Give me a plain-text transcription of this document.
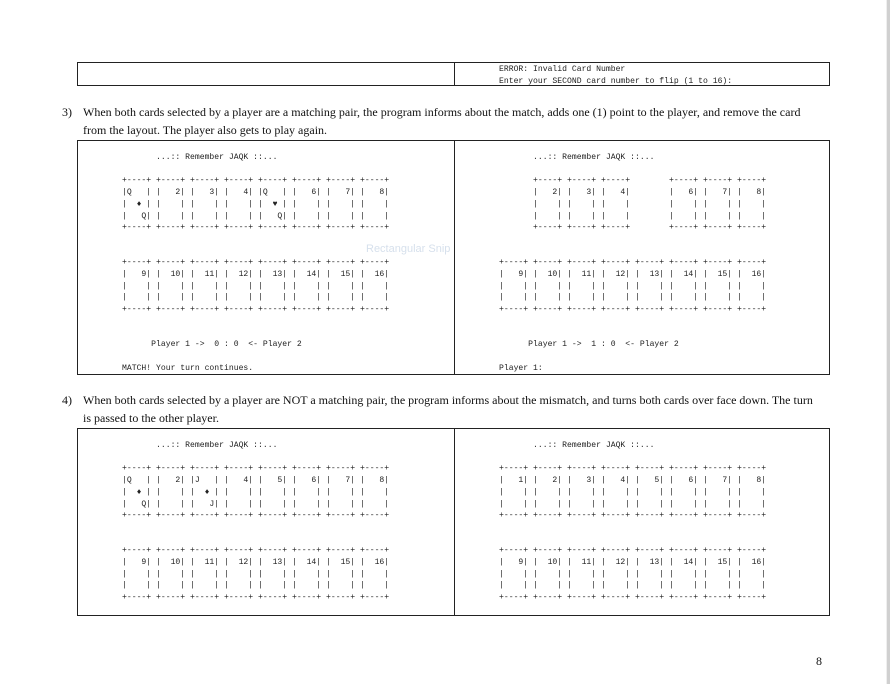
ERROR: Invalid Card Number
Enter your SECOND card number to flip (1 to 16):
3) When both cards selected by a player are a matching pair, the program informs about the match, adds one (1) point to the player, and remove the card from the layout. The player also gets to play again.
...:: Remember JAQK ::...

+----+ +----+ +----+ +----+ +----+ +----+ +----+ +----+
|Q   | |   2| |   3| |   4| |Q   | |   6| |   7| |   8|
|  ♦ | |    | |    | |    | |  ♥ | |    | |    | |    |
|   Q| |    | |    | |    | |   Q| |    | |    | |    |
+----+ +----+ +----+ +----+ +----+ +----+ +----+ +----+

+----+ +----+ +----+ +----+ +----+ +----+ +----+ +----+
|   9| |  10| |  11| |  12| |  13| |  14| |  15| |  16|
|    | |    | |    | |    | |    | |    | |    | |    |
|    | |    | |    | |    | |    | |    | |    | |    |
+----+ +----+ +----+ +----+ +----+ +----+ +----+ +----+

Player 1 ->  0 : 0  <- Player 2

MATCH! Your turn continues.

...:: Remember JAQK ::...

+----+ +----+ +----+        +----+ +----+ +----+
|   2| |   3| |   4|        |   6| |   7| |   8|
|    | |    | |    |        |    | |    | |    |
|    | |    | |    |        |    | |    | |    |
+----+ +----+ +----+        +----+ +----+ +----+

+----+ +----+ +----+ +----+ +----+ +----+ +----+ +----+
|   9| |  10| |  11| |  12| |  13| |  14| |  15| |  16|
|    | |    | |    | |    | |    | |    | |    | |    |
|    | |    | |    | |    | |    | |    | |    | |    |
+----+ +----+ +----+ +----+ +----+ +----+ +----+ +----+

Player 1 ->  1 : 0  <- Player 2

Player 1:

Rectangular Snip
4) When both cards selected by a player are NOT a matching pair, the program informs about the mismatch, and turns both cards over face down. The turn is passed to the other player.
...:: Remember JAQK ::...

+----+ +----+ +----+ +----+ +----+ +----+ +----+ +----+
|Q   | |   2| |J   | |   4| |   5| |   6| |   7| |   8|
|  ♦ | |    | |  ♦ | |    | |    | |    | |    | |    |
|   Q| |    | |   J| |    | |    | |    | |    | |    |
+----+ +----+ +----+ +----+ +----+ +----+ +----+ +----+

+----+ +----+ +----+ +----+ +----+ +----+ +----+ +----+
|   9| |  10| |  11| |  12| |  13| |  14| |  15| |  16|
|    | |    | |    | |    | |    | |    | |    | |    |
|    | |    | |    | |    | |    | |    | |    | |    |
+----+ +----+ +----+ +----+ +----+ +----+ +----+ +----+

...:: Remember JAQK ::...

+----+ +----+ +----+ +----+ +----+ +----+ +----+ +----+
|   1| |   2| |   3| |   4| |   5| |   6| |   7| |   8|
|    | |    | |    | |    | |    | |    | |    | |    |
|    | |    | |    | |    | |    | |    | |    | |    |
+----+ +----+ +----+ +----+ +----+ +----+ +----+ +----+

+----+ +----+ +----+ +----+ +----+ +----+ +----+ +----+
|   9| |  10| |  11| |  12| |  13| |  14| |  15| |  16|
|    | |    | |    | |    | |    | |    | |    | |    |
|    | |    | |    | |    | |    | |    | |    | |    |
+----+ +----+ +----+ +----+ +----+ +----+ +----+ +----+

8
